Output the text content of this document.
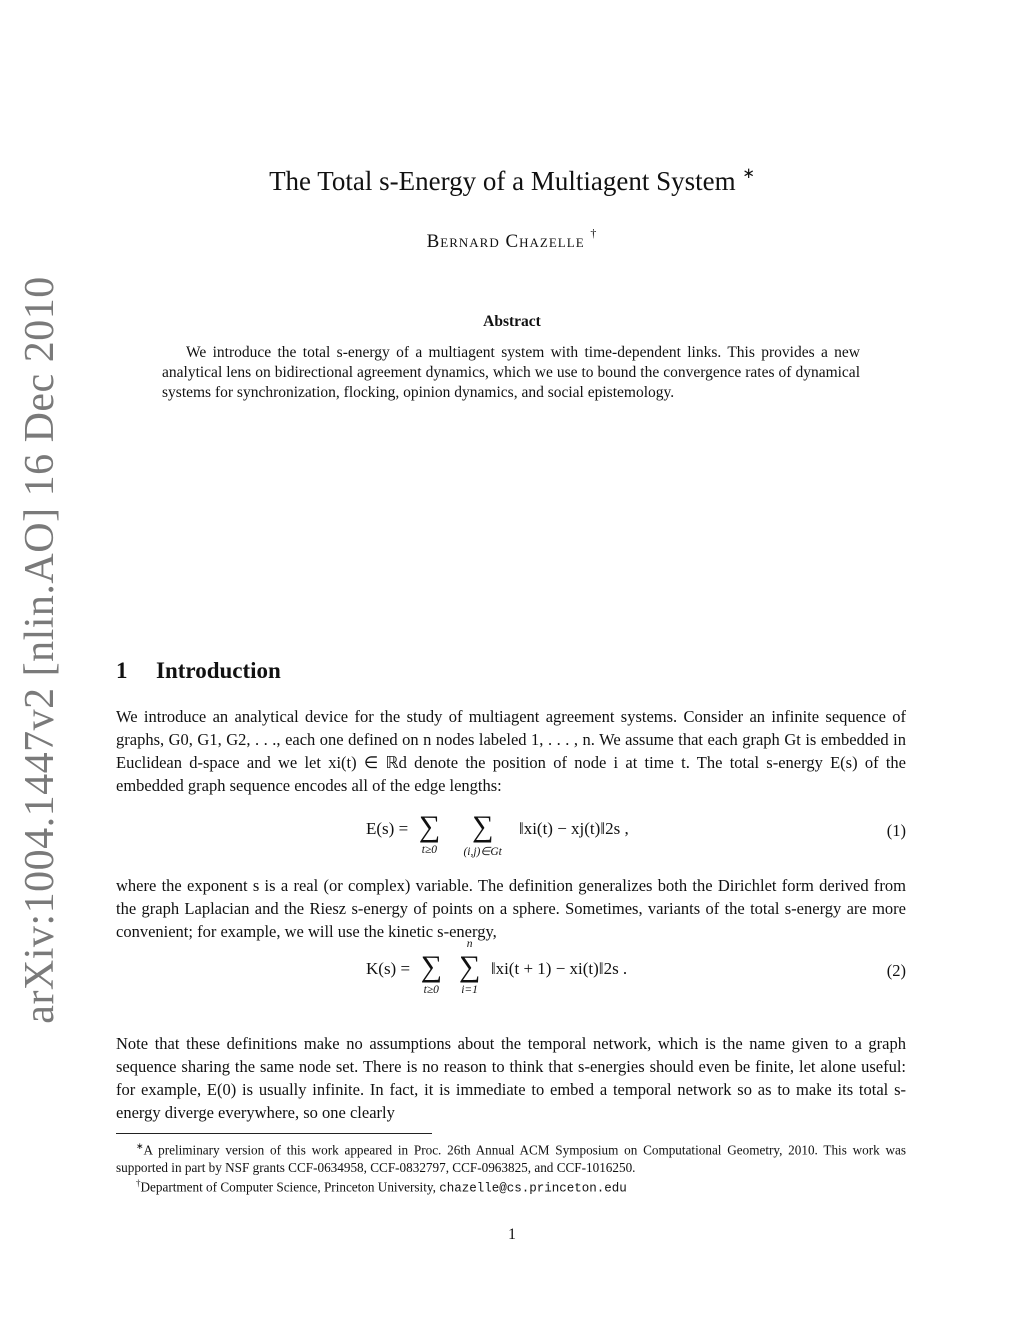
arXiv:1004.1447v2 [nlin.AO] 16 Dec 2010
The Total s-Energy of a Multiagent System ∗
Bernard Chazelle †
Abstract
We introduce the total s-energy of a multiagent system with time-dependent links. This provides a new analytical lens on bidirectional agreement dynamics, which we use to bound the convergence rates of dynamical systems for synchronization, flocking, opinion dynamics, and social epistemology.
1 Introduction
We introduce an analytical device for the study of multiagent agreement systems. Consider an infinite sequence of graphs, G0, G1, G2, . . ., each one defined on n nodes labeled 1, . . . , n. We assume that each graph Gt is embedded in Euclidean d-space and we let xi(t) ∈ ℝd denote the position of node i at time t. The total s-energy E(s) of the embedded graph sequence encodes all of the edge lengths:
E(s) = ∑
t≥0

∑
(i,j)∈Gt
‖xi(t) − xj(t)‖2s ,	(1)
where the exponent s is a real (or complex) variable. The definition generalizes both the Dirichlet form derived from the graph Laplacian and the Riesz s-energy of points on a sphere. Sometimes, variants of the total s-energy are more convenient; for example, we will use the kinetic s-energy,
K(s) = ∑
t≥0

n
∑
i=1
‖xi(t + 1) − xi(t)‖2s .	(2)
Note that these definitions make no assumptions about the temporal network, which is the name given to a graph sequence sharing the same node set. There is no reason to think that s-energies should even be finite, let alone useful: for example, E(0) is usually infinite. In fact, it is immediate to embed a temporal network so as to make its total s-energy diverge everywhere, so one clearly
∗A preliminary version of this work appeared in Proc. 26th Annual ACM Symposium on Computational Geometry, 2010. This work was supported in part by NSF grants CCF-0634958, CCF-0832797, CCF-0963825, and CCF-1016250.
†Department of Computer Science, Princeton University, chazelle@cs.princeton.edu
1
